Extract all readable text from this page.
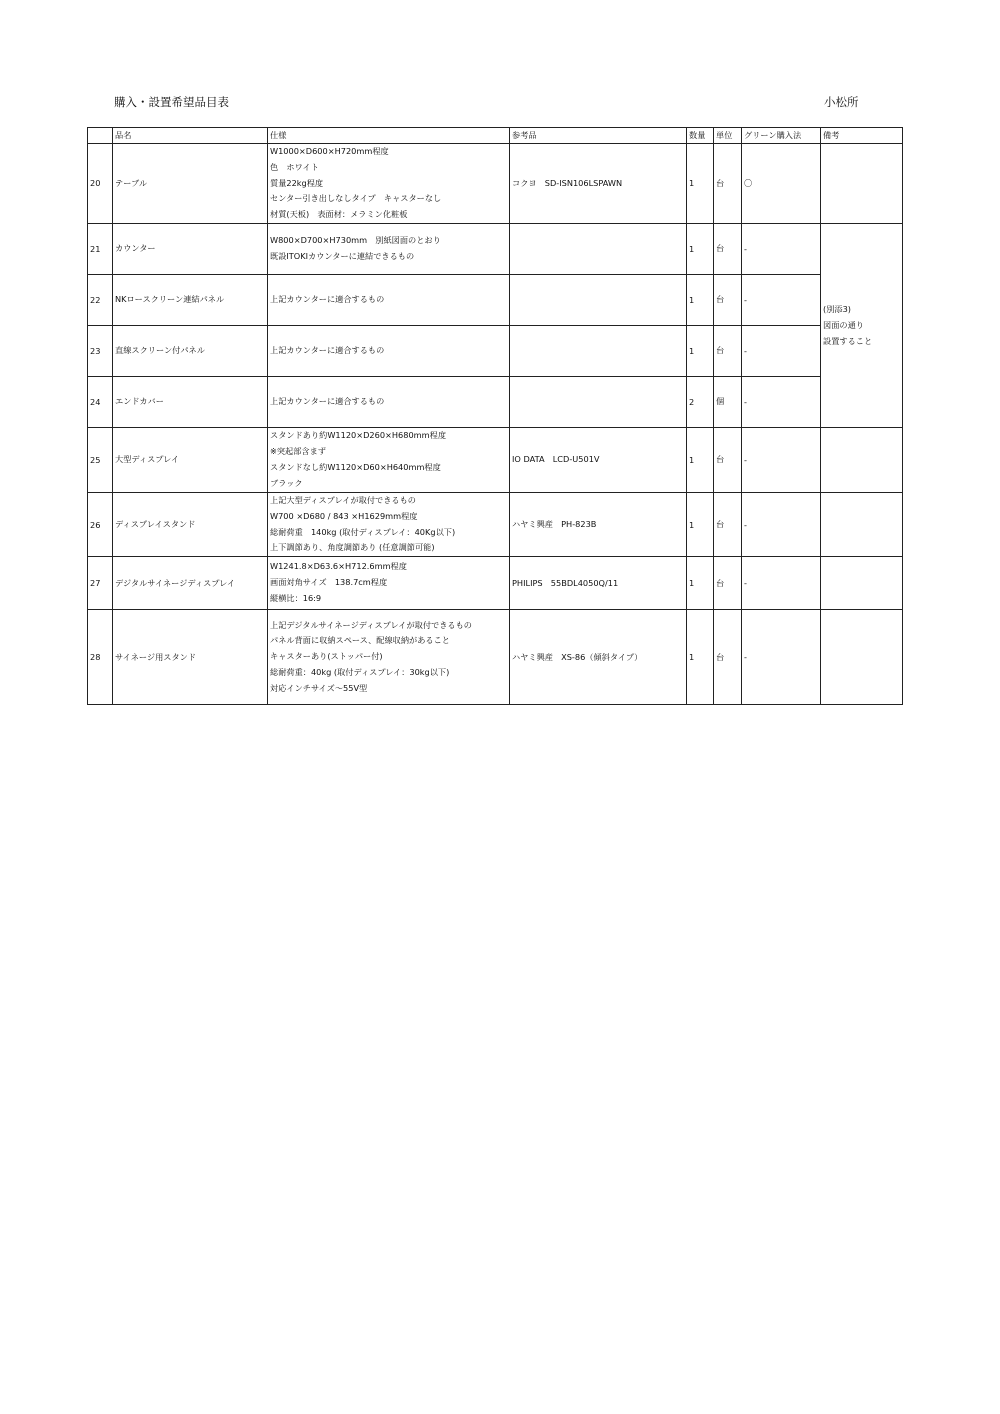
購入・設置希望品目表	小松所
	品名	仕様	参考品	数量	単位	グリーン購入法	備考
20	テーブル	W1000×D600×H720mm程度
色　ホワイト
質量22kg程度
センター引き出しなしタイプ　キャスターなし
材質(天板)　表面材：メラミン化粧板	コクヨ　SD-ISN106LSPAWN	1	台	〇	
21	カウンター	W800×D700×H730mm　別紙図面のとおり
既設ITOKIカウンターに連結できるもの		1	台	-	(別添3)
図面の通り
設置すること

22	NKロースクリーン連結パネル	上記カウンターに適合するもの		1	台	-	
23	直線スクリーン付パネル	上記カウンターに適合するもの		1	台	-	
24	エンドカバー	上記カウンターに適合するもの		2	個	-	
25	大型ディスプレイ	スタンドあり約W1120×D260×H680mm程度
※突起部含まず
スタンドなし約W1120×D60×H640mm程度
ブラック	IO DATA　LCD-U501V	1	台	-	
26	ディスプレイスタンド	上記大型ディスプレイが取付できるもの
W700 ×D680 / 843 ×H1629mm程度
総耐荷重　140kg (取付ディスプレイ：40Kg以下)
上下調節あり、角度調節あり (任意調節可能)	ハヤミ興産　PH-823B	1	台	-	
27	デジタルサイネージディスプレイ	W1241.8×D63.6×H712.6mm程度
画面対角サイズ　138.7cm程度
縦横比：16:9	PHILIPS　55BDL4050Q/11	1	台	-	
28	サイネージ用スタンド	上記デジタルサイネージディスプレイが取付できるもの
パネル背面に収納スペース、配線収納があること
キャスターあり(ストッパー付)
総耐荷重：40kg (取付ディスプレイ：30kg以下)
対応インチサイズ〜55V型	ハヤミ興産　XS-86（傾斜タイプ）	1	台	-	
